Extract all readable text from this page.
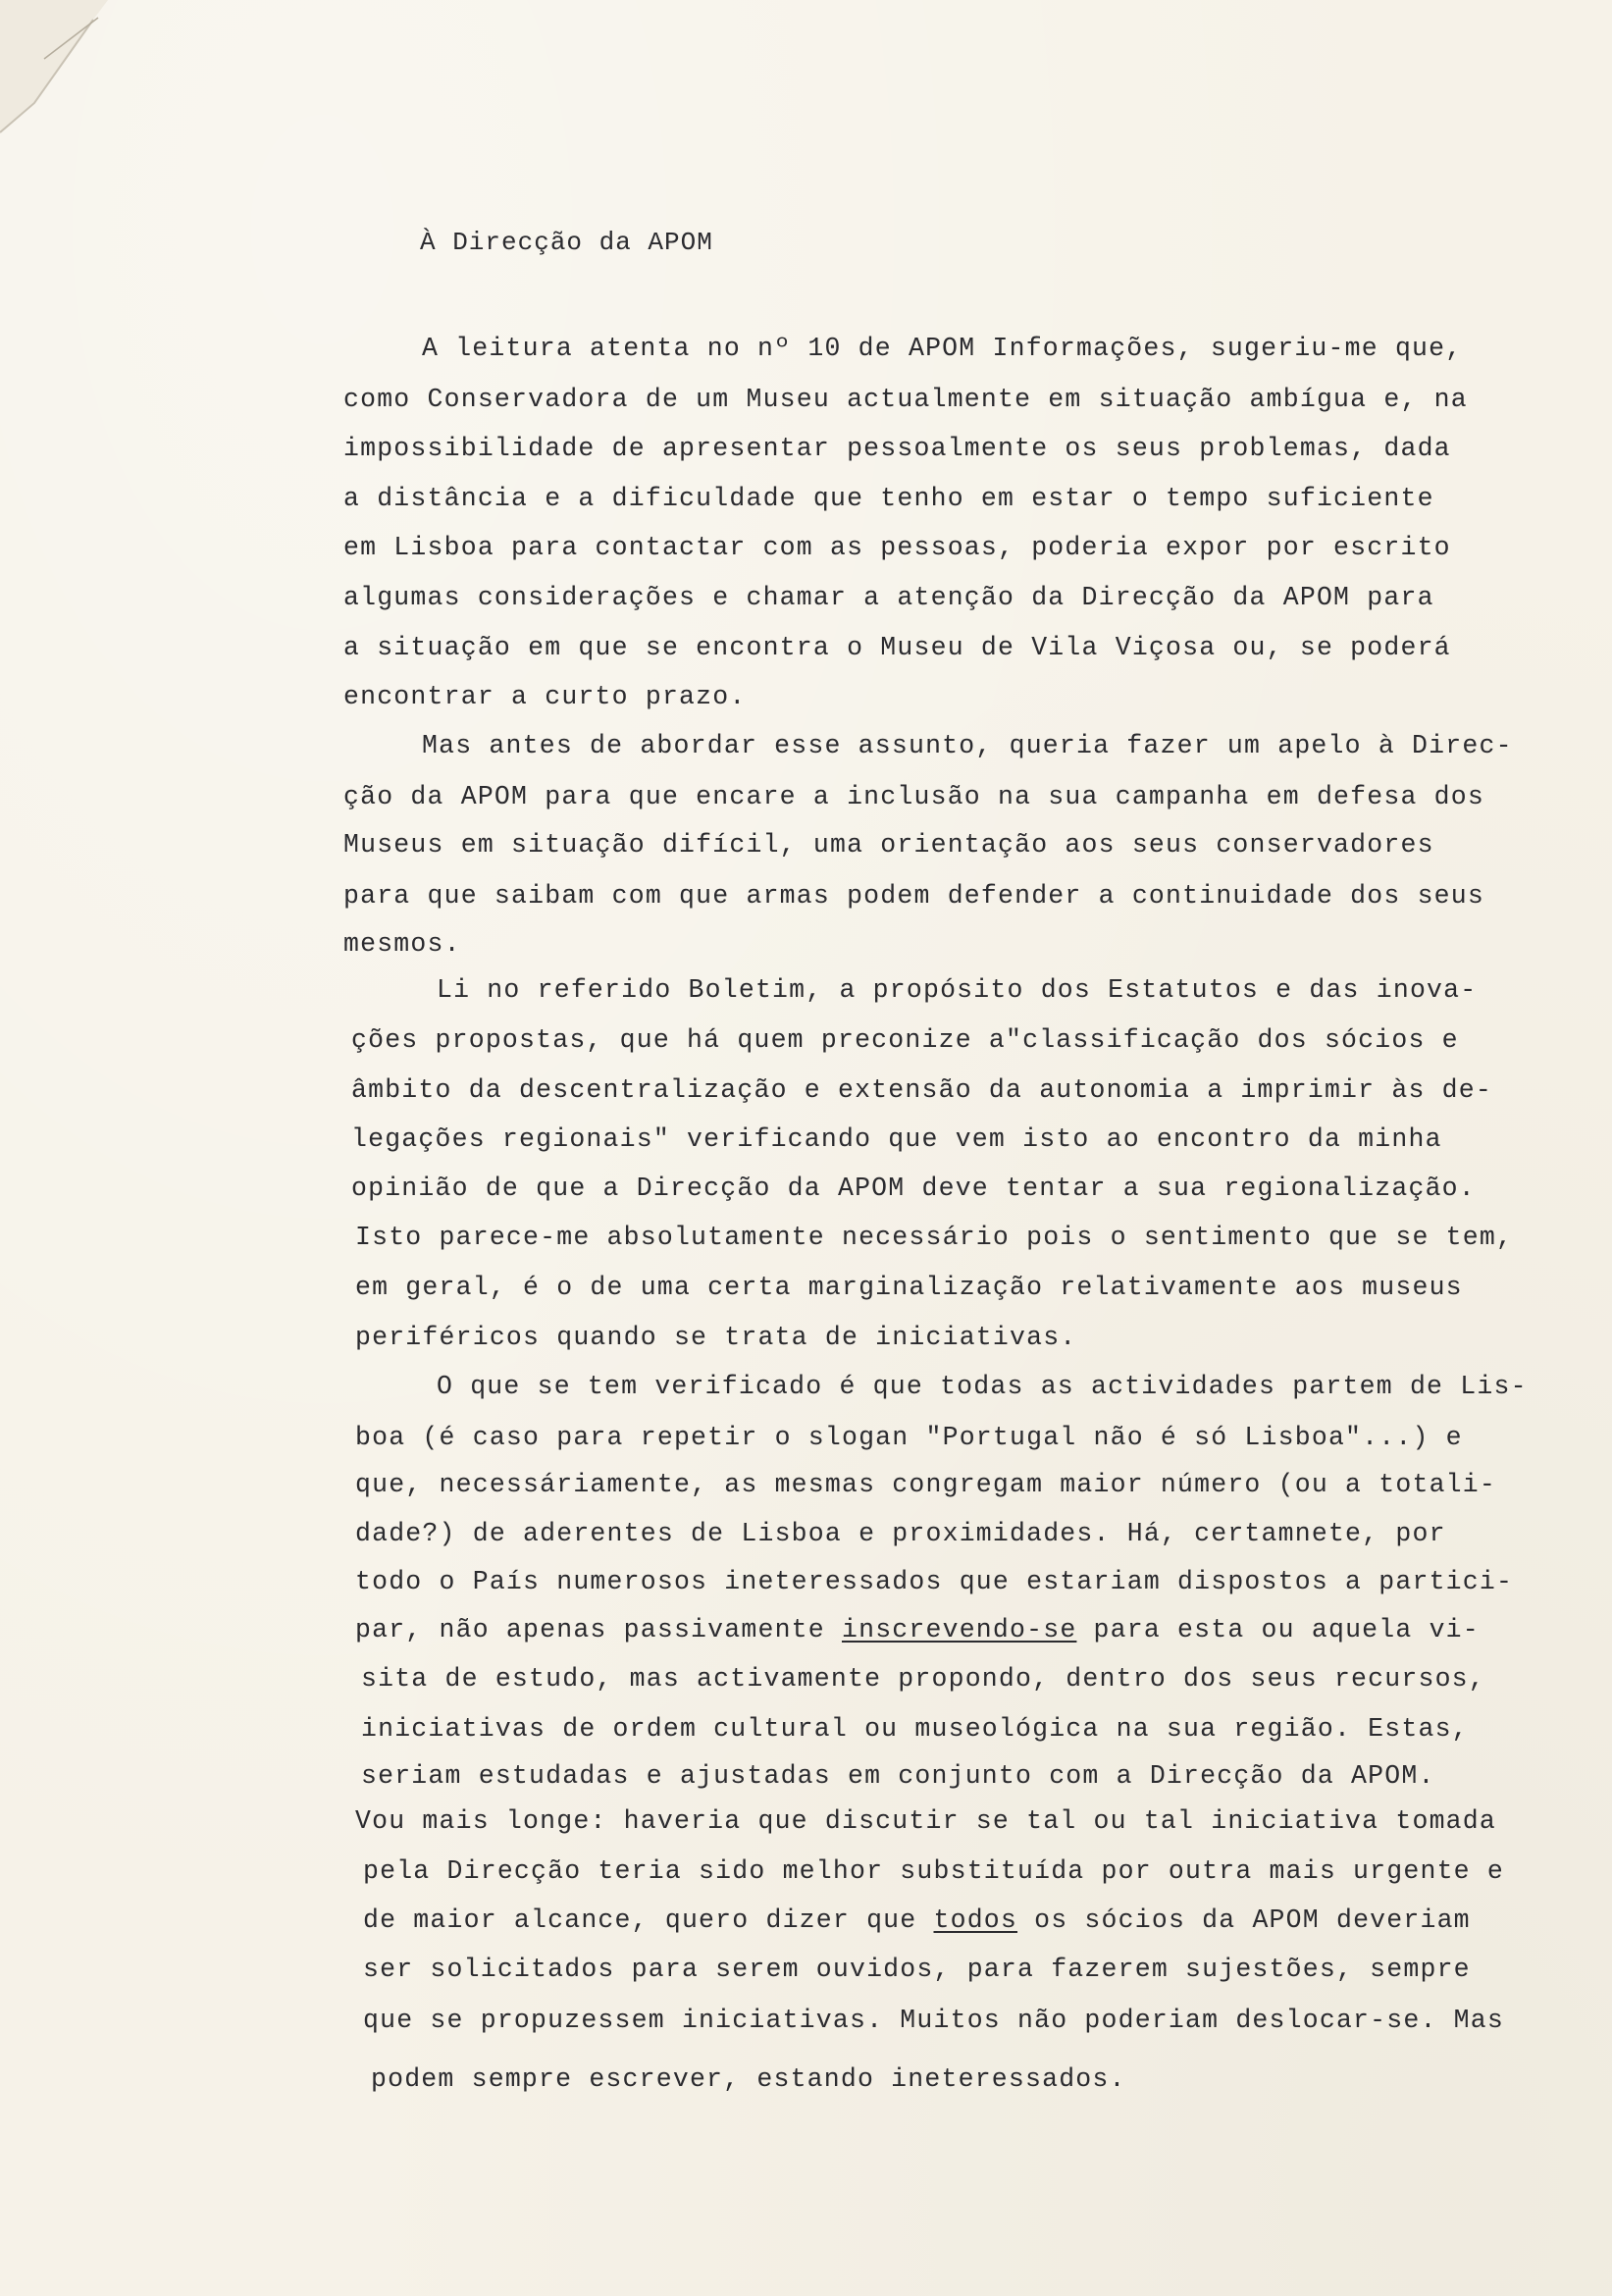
À Direcção da APOM
A leitura atenta no nº 10 de APOM Informações, sugeriu-me que,
como Conservadora de um Museu actualmente em situação ambígua e, na
impossibilidade de apresentar pessoalmente os seus problemas, dada
a distância e a dificuldade que tenho em estar o tempo suficiente
em Lisboa para contactar com as pessoas, poderia expor por escrito
algumas considerações e chamar a atenção da Direcção da APOM para
a situação em que se encontra o Museu de Vila Viçosa ou, se poderá
encontrar a curto prazo.
Mas antes de abordar esse assunto, queria fazer um apelo à Direc-
ção da APOM para que encare a inclusão na sua campanha em defesa dos
Museus em situação difícil, uma orientação aos seus conservadores
para que saibam com que armas podem defender a continuidade dos seus
mesmos.
Li no referido Boletim, a propósito dos Estatutos e das inova-
ções propostas, que há quem preconize a"classificação dos sócios e
âmbito da descentralização e extensão da autonomia a imprimir às de-
legações regionais" verificando que vem isto ao encontro da minha
opinião de que a Direcção da APOM deve tentar a sua regionalização.
Isto parece-me absolutamente necessário pois o sentimento que se tem,
em geral, é o de uma certa marginalização relativamente aos museus
periféricos quando se trata de iniciativas.
O que se tem verificado é que todas as actividades partem de Lis-
boa (é caso para repetir o slogan "Portugal não é só Lisboa"...) e
que, necessáriamente, as mesmas congregam maior número (ou a totali-
dade?) de aderentes de Lisboa e proximidades. Há, certamnete, por
todo o País numerosos ineteressados que estariam dispostos a partici-
par, não apenas passivamente inscrevendo-se para esta ou aquela vi-
sita de estudo, mas activamente propondo, dentro dos seus recursos,
iniciativas de ordem cultural ou museológica na sua região. Estas,
seriam estudadas e ajustadas em conjunto com a Direcção da APOM.
Vou mais longe: haveria que discutir se tal ou tal iniciativa tomada
pela Direcção teria sido melhor substituída por outra mais urgente e
de maior alcance, quero dizer que todos os sócios da APOM deveriam
ser solicitados para serem ouvidos, para fazerem sujestões, sempre
que se propuzessem iniciativas. Muitos não poderiam deslocar-se. Mas
podem sempre escrever, estando ineteressados.
